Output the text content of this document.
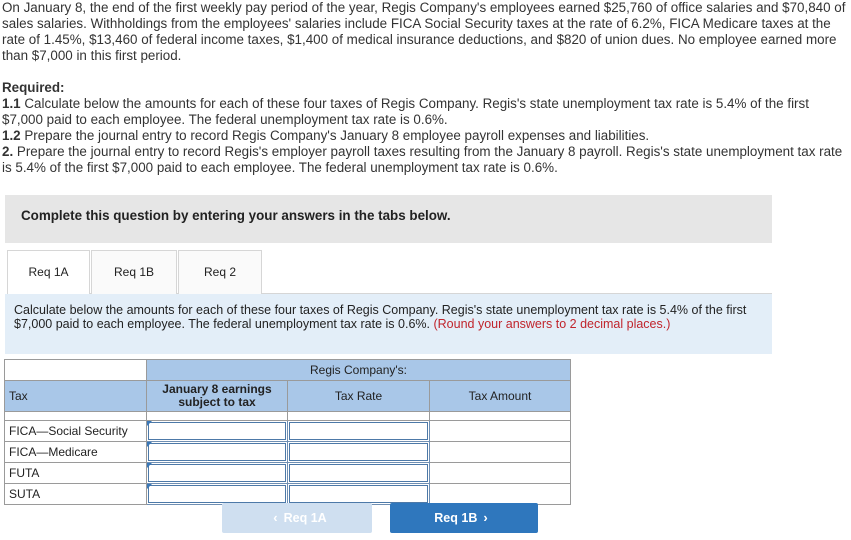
On January 8, the end of the first weekly pay period of the year, Regis Company's employees earned $25,760 of office salaries and $70,840 of sales salaries. Withholdings from the employees' salaries include FICA Social Security taxes at the rate of 6.2%, FICA Medicare taxes at the rate of 1.45%, $13,460 of federal income taxes, $1,400 of medical insurance deductions, and $820 of union dues. No employee earned more than $7,000 in this first period.
Required:
1.1 Calculate below the amounts for each of these four taxes of Regis Company. Regis's state unemployment tax rate is 5.4% of the first $7,000 paid to each employee. The federal unemployment tax rate is 0.6%.
1.2 Prepare the journal entry to record Regis Company's January 8 employee payroll expenses and liabilities.
2. Prepare the journal entry to record Regis's employer payroll taxes resulting from the January 8 payroll. Regis's state unemployment tax rate is 5.4% of the first $7,000 paid to each employee. The federal unemployment tax rate is 0.6%.
Complete this question by entering your answers in the tabs below.
Req 1A	Req 1B	Req 2
Calculate below the amounts for each of these four taxes of Regis Company. Regis's state unemployment tax rate is 5.4% of the first $7,000 paid to each employee. The federal unemployment tax rate is 0.6%. (Round your answers to 2 decimal places.)
	Regis Company's:		
Tax	January 8 earnings subject to tax	Tax Rate	Tax Amount

FICA—Social Security	

FICA—Medicare	

FUTA	

SUTA	

‹ Req 1A	Req 1B ›
